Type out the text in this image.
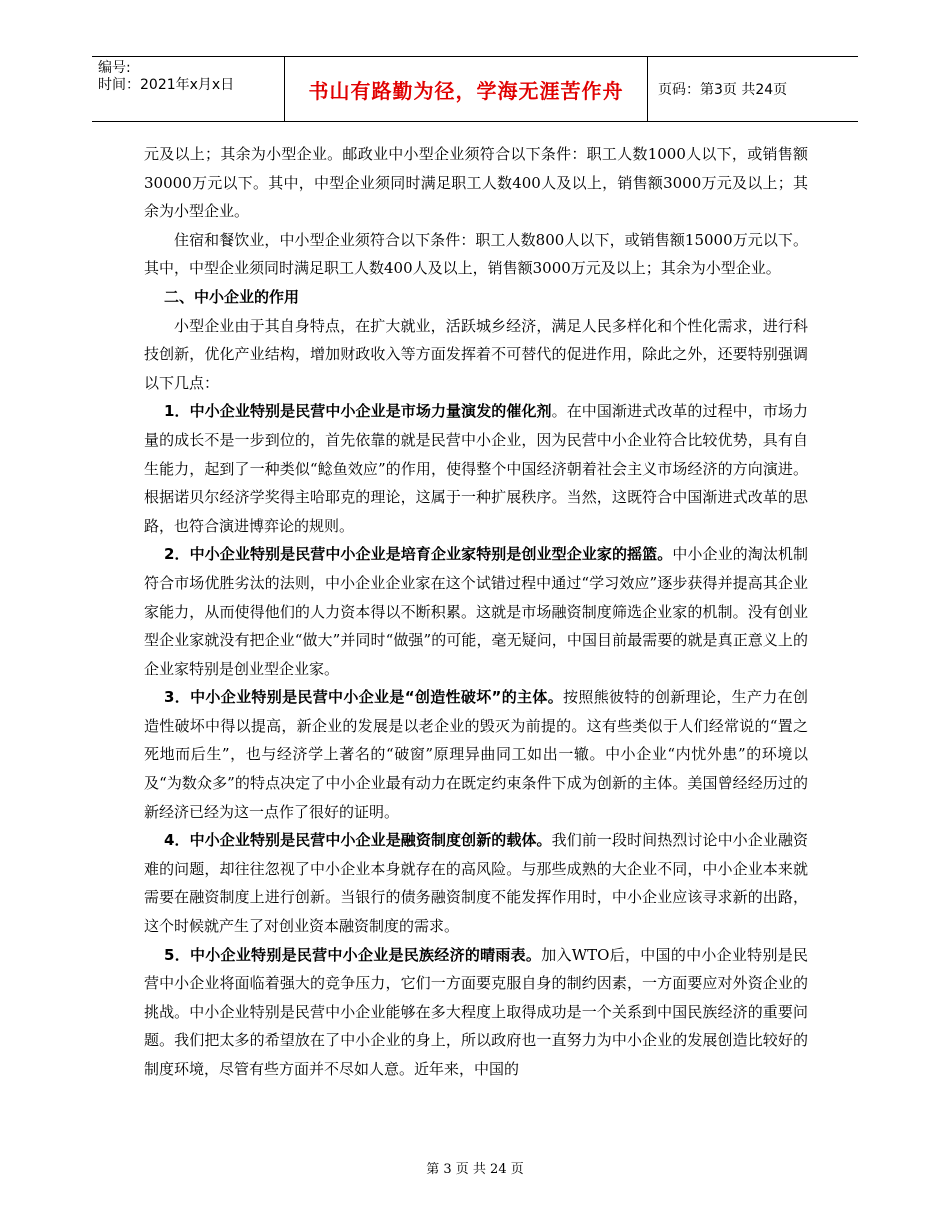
编号:
时间：2021年x月x日	书山有路勤为径，学海无涯苦作舟	页码：第3页 共24页

元及以上；其余为小型企业。邮政业中小型企业须符合以下条件：职工人数1000人以下，或销售额30000万元以下。其中，中型企业须同时满足职工人数400人及以上，销售额3000万元及以上；其余为小型企业。

住宿和餐饮业，中小型企业须符合以下条件：职工人数800人以下，或销售额15000万元以下。其中，中型企业须同时满足职工人数400人及以上，销售额3000万元及以上；其余为小型企业。

二、中小企业的作用

小型企业由于其自身特点，在扩大就业，活跃城乡经济，满足人民多样化和个性化需求，进行科技创新，优化产业结构，增加财政收入等方面发挥着不可替代的促进作用，除此之外，还要特别强调以下几点：

1．中小企业特别是民营中小企业是市场力量演发的催化剂。在中国渐进式改革的过程中，市场力量的成长不是一步到位的，首先依靠的就是民营中小企业，因为民营中小企业符合比较优势，具有自生能力，起到了一种类似“鲶鱼效应”的作用，使得整个中国经济朝着社会主义市场经济的方向演进。根据诺贝尔经济学奖得主哈耶克的理论，这属于一种扩展秩序。当然，这既符合中国渐进式改革的思路，也符合演进博弈论的规则。

2．中小企业特别是民营中小企业是培育企业家特别是创业型企业家的摇篮。中小企业的淘汰机制符合市场优胜劣汰的法则，中小企业企业家在这个试错过程中通过“学习效应”逐步获得并提高其企业家能力，从而使得他们的人力资本得以不断积累。这就是市场融资制度筛选企业家的机制。没有创业型企业家就没有把企业“做大”并同时“做强”的可能，毫无疑问，中国目前最需要的就是真正意义上的企业家特别是创业型企业家。

3．中小企业特别是民营中小企业是“创造性破坏”的主体。按照熊彼特的创新理论，生产力在创造性破坏中得以提高，新企业的发展是以老企业的毁灭为前提的。这有些类似于人们经常说的“置之死地而后生”，也与经济学上著名的“破窗”原理异曲同工如出一辙。中小企业“内忧外患”的环境以及“为数众多”的特点决定了中小企业最有动力在既定约束条件下成为创新的主体。美国曾经经历过的新经济已经为这一点作了很好的证明。

4．中小企业特别是民营中小企业是融资制度创新的载体。我们前一段时间热烈讨论中小企业融资难的问题，却往往忽视了中小企业本身就存在的高风险。与那些成熟的大企业不同，中小企业本来就需要在融资制度上进行创新。当银行的债务融资制度不能发挥作用时，中小企业应该寻求新的出路，这个时候就产生了对创业资本融资制度的需求。

5．中小企业特别是民营中小企业是民族经济的晴雨表。加入WTO后，中国的中小企业特别是民营中小企业将面临着强大的竞争压力，它们一方面要克服自身的制约因素，一方面要应对外资企业的挑战。中小企业特别是民营中小企业能够在多大程度上取得成功是一个关系到中国民族经济的重要问题。我们把太多的希望放在了中小企业的身上，所以政府也一直努力为中小企业的发展创造比较好的制度环境，尽管有些方面并不尽如人意。近年来，中国的

第 3 页 共 24 页
